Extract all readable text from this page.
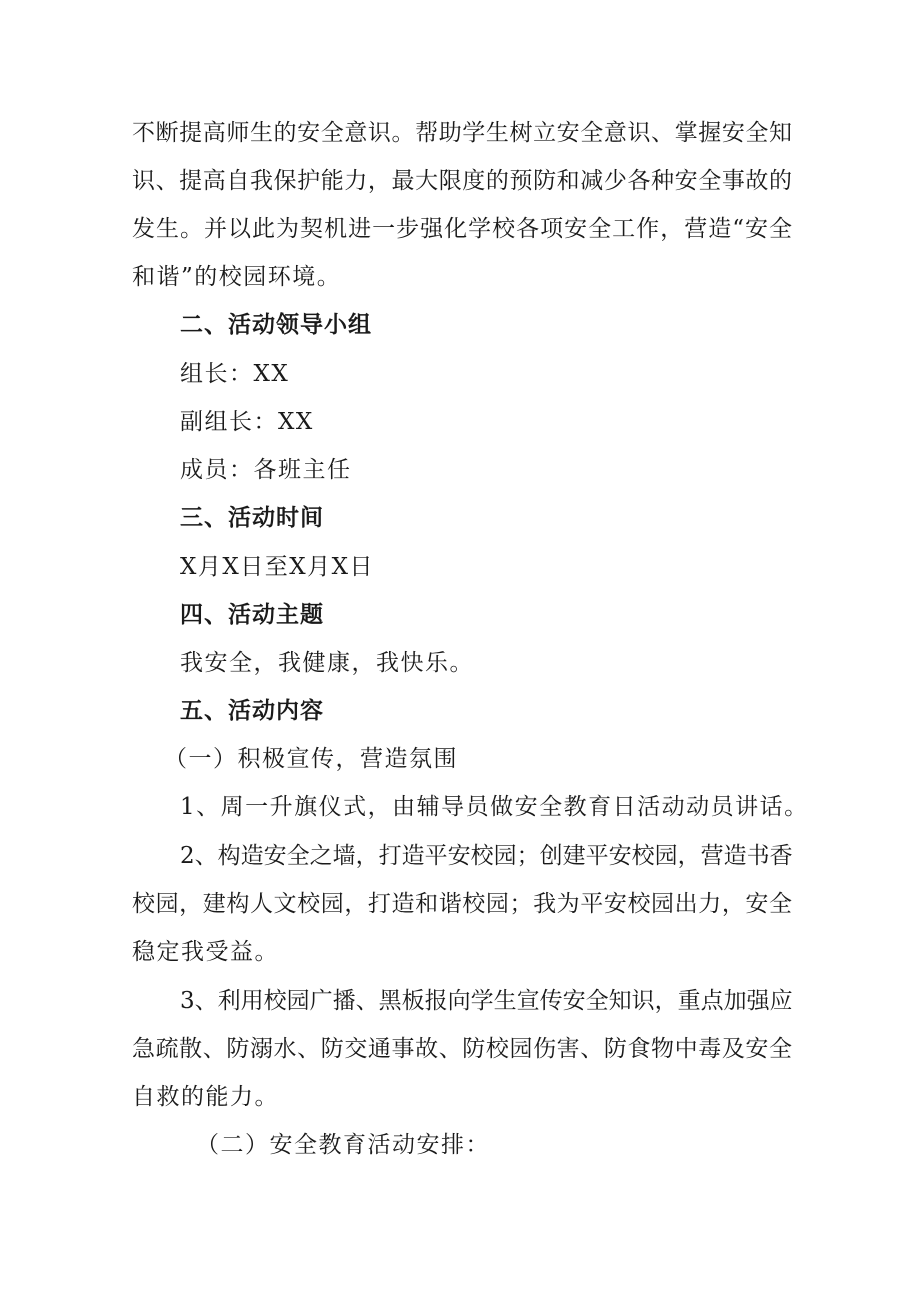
不断提高师生的安全意识。帮助学生树立安全意识、掌握安全知
识、提高自我保护能力，最大限度的预防和减少各种安全事故的
发生。并以此为契机进一步强化学校各项安全工作，营造“安全
和谐”的校园环境。
二、活动领导小组
组长：XX
副组长：XX
成员：各班主任
三、活动时间
X月X日至X月X日
四、活动主题
我安全，我健康，我快乐。
五、活动内容
（一）积极宣传，营造氛围
1、周一升旗仪式，由辅导员做安全教育日活动动员讲话。
2、构造安全之墙，打造平安校园；创建平安校园，营造书香
校园，建构人文校园，打造和谐校园；我为平安校园出力，安全
稳定我受益。
3、利用校园广播、黑板报向学生宣传安全知识，重点加强应
急疏散、防溺水、防交通事故、防校园伤害、防食物中毒及安全
自救的能力。
（二）安全教育活动安排：
